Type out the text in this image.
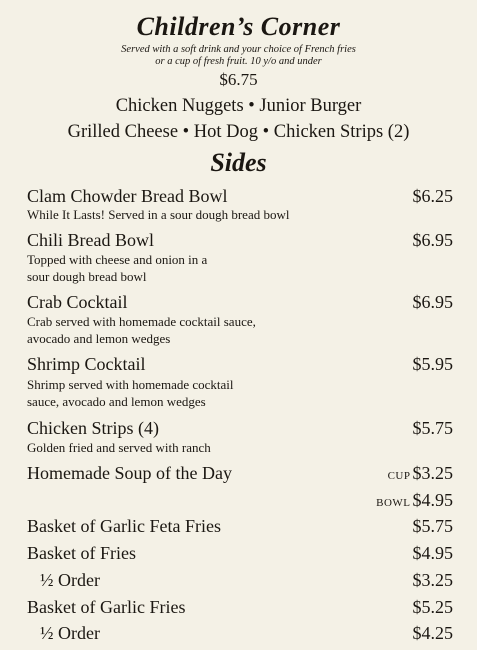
Children’s Corner
Served with a soft drink and your choice of French fries
or a cup of fresh fruit. 10 y/o and under
$6.75
Chicken Nuggets • Junior Burger
Grilled Cheese • Hot Dog • Chicken Strips (2)
Sides
Clam Chowder Bread Bowl	$6.25
While It Lasts! Served in a sour dough bread bowl
Chili Bread Bowl	$6.95
Topped with cheese and onion in a
sour dough bread bowl
Crab Cocktail	$6.95
Crab served with homemade cocktail sauce,
avocado and lemon wedges
Shrimp Cocktail	$5.95
Shrimp served with homemade cocktail
sauce, avocado and lemon wedges
Chicken Strips (4)	$5.75
Golden fried and served with ranch
Homemade Soup of the Day	CUP $3.25
BOWL $4.95
Basket of Garlic Feta Fries	$5.75
Basket of Fries	$4.95
½ Order	$3.25
Basket of Garlic Fries	$5.25
½ Order	$4.25
